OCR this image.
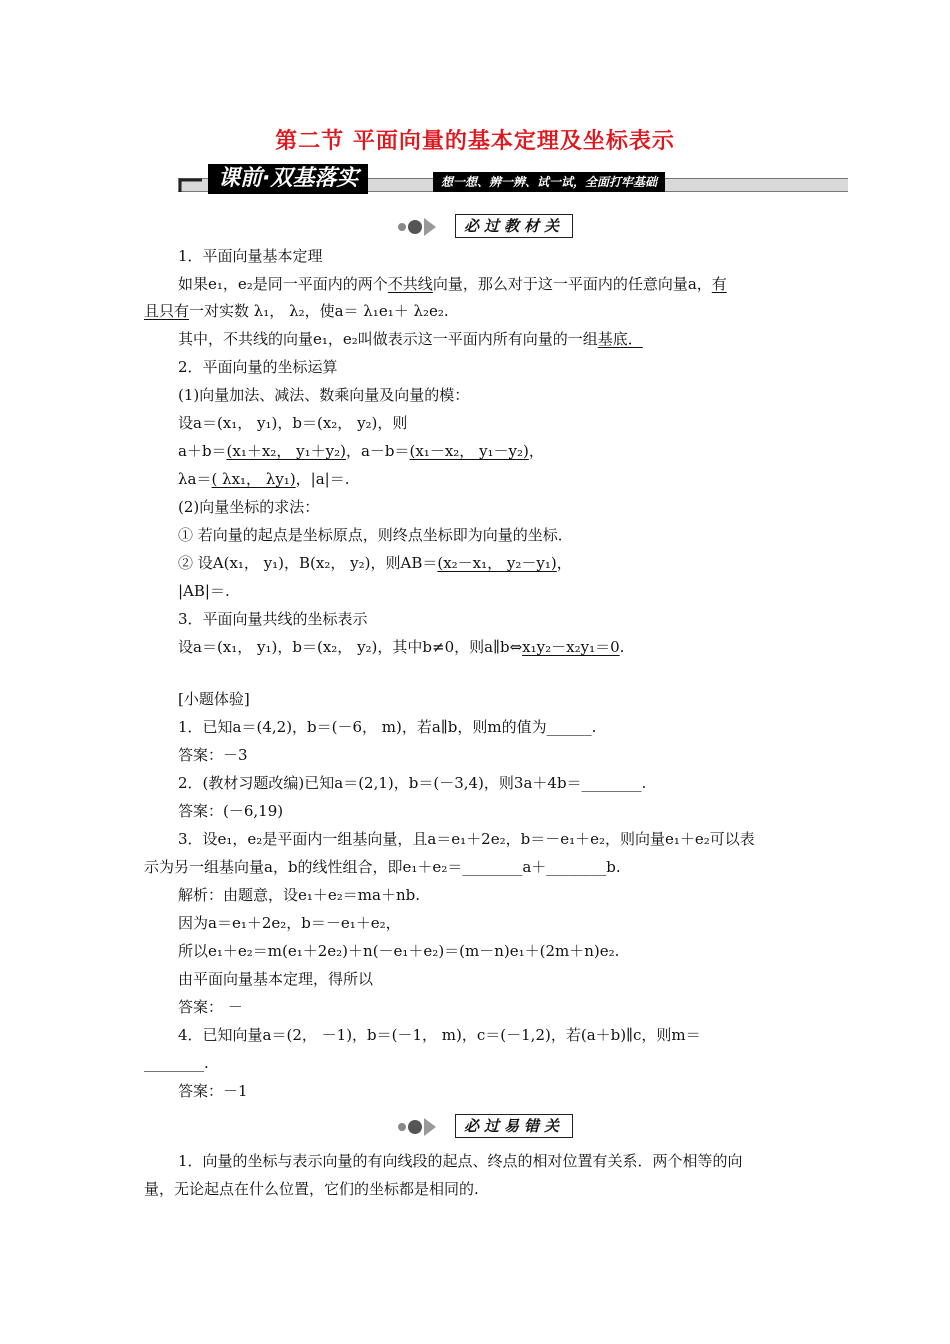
第二节 平面向量的基本定理及坐标表示
课前·双基落实	想一想、辨一辨、试一试，全面打牢基础
必过教材关
1．平面向量基本定理
如果e₁，e₂是同一平面内的两个不共线向量，那么对于这一平面内的任意向量a，有
且只有一对实数 λ₁， λ₂，使a＝ λ₁e₁＋ λ₂e₂.
其中，不共线的向量e₁，e₂叫做表示这一平面内所有向量的一组基底．
2．平面向量的坐标运算
(1)向量加法、减法、数乘向量及向量的模：
设a＝(x₁， y₁)，b＝(x₂， y₂)，则
a＋b＝(x₁＋x₂， y₁＋y₂)，a－b＝(x₁－x₂， y₁－y₂)，
λa＝( λx₁， λy₁)，|a|＝.
(2)向量坐标的求法：
① 若向量的起点是坐标原点，则终点坐标即为向量的坐标．
② 设A(x₁， y₁)，B(x₂， y₂)，则AB＝(x₂－x₁， y₂－y₁)，
|AB|＝.
3．平面向量共线的坐标表示
设a＝(x₁， y₁)，b＝(x₂， y₂)，其中b≠0，则a∥b⇔x₁y₂－x₂y₁＝0.
[小题体验]
1．已知a＝(4,2)，b＝(－6， m)，若a∥b，则m的值为______.
答案：－3
2．(教材习题改编)已知a＝(2,1)，b＝(－3,4)，则3a＋4b＝________.
答案：(－6,19)
3．设e₁，e₂是平面内一组基向量，且a＝e₁＋2e₂，b＝－e₁＋e₂，则向量e₁＋e₂可以表
示为另一组基向量a，b的线性组合，即e₁＋e₂＝________a＋________b.
解析：由题意，设e₁＋e₂＝ma＋nb.
因为a＝e₁＋2e₂，b＝－e₁＋e₂，
所以e₁＋e₂＝m(e₁＋2e₂)＋n(－e₁＋e₂)＝(m－n)e₁＋(2m＋n)e₂.
由平面向量基本定理，得所以
答案： －
4．已知向量a＝(2， －1)，b＝(－1， m)，c＝(－1,2)，若(a＋b)∥c，则m＝
________.
答案：－1
必过易错关
1．向量的坐标与表示向量的有向线段的起点、终点的相对位置有关系．两个相等的向
量，无论起点在什么位置，它们的坐标都是相同的.
